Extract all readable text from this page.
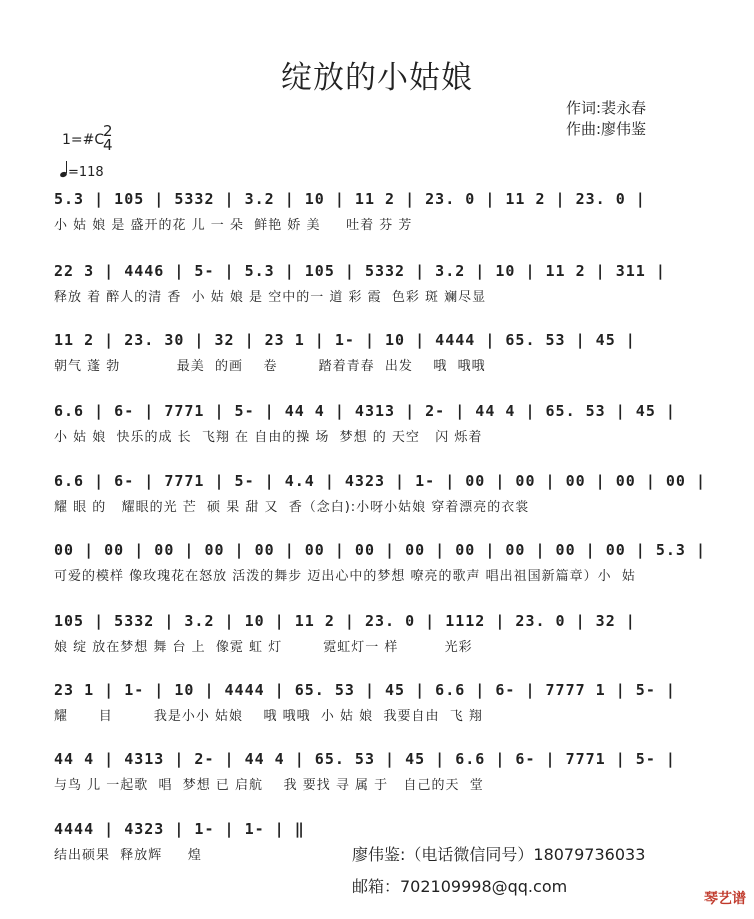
绽放的小姑娘
作词:裴永春
作曲:廖伟鉴
1=#C
2
4
=118
5.3 | 105 | 5332 | 3.2 | 10 | 11 2 | 23. 0 | 11 2 | 23. 0 |
小 姑 娘 是 盛开的花 儿 一 朵  鲜艳 娇 美     吐着 芬 芳
22 3 | 4446 | 5- | 5.3 | 105 | 5332 | 3.2 | 10 | 11 2 | 311 |
释放 着 醉人的清 香  小 姑 娘 是 空中的一 道 彩 霞  色彩 斑 斓尽显
11 2 | 23. 30 | 32 | 23 1 | 1- | 10 | 4444 | 65. 53 | 45 |
朝气 蓬 勃           最美  的画    卷        踏着青春  出发    哦  哦哦
6.6 | 6- | 7771 | 5- | 44 4 | 4313 | 2- | 44 4 | 65. 53 | 45 |
小 姑 娘  快乐的成 长  飞翔 在 自由的操 场  梦想 的 天空   闪 烁着
6.6 | 6- | 7771 | 5- | 4.4 | 4323 | 1- | 00 | 00 | 00 | 00 | 00 |
耀 眼 的   耀眼的光 芒  硕 果 甜 又  香（念白):小呀小姑娘 穿着漂亮的衣裳
00 | 00 | 00 | 00 | 00 | 00 | 00 | 00 | 00 | 00 | 00 | 00 | 5.3 |
可爱的模样 像玫瑰花在怒放 活泼的舞步 迈出心中的梦想 嘹亮的歌声 唱出祖国新篇章）小  姑
105 | 5332 | 3.2 | 10 | 11 2 | 23. 0 | 1112 | 23. 0 | 32 |
娘 绽 放在梦想 舞 台 上  像霓 虹 灯        霓虹灯一 样         光彩
23 1 | 1- | 10 | 4444 | 65. 53 | 45 | 6.6 | 6- | 7777 1 | 5- |
耀      目        我是小小 姑娘    哦 哦哦  小 姑 娘  我要自由  飞 翔
44 4 | 4313 | 2- | 44 4 | 65. 53 | 45 | 6.6 | 6- | 7771 | 5- |
与鸟 儿 一起歌  唱  梦想 已 启航    我 要找 寻 属 于   自己的天  堂
4444 | 4323 | 1- | 1- | ‖
结出硕果  释放辉     煌	廖伟鉴:（电话微信同号）18079736033
邮箱：702109998@qq.com
琴艺谱
